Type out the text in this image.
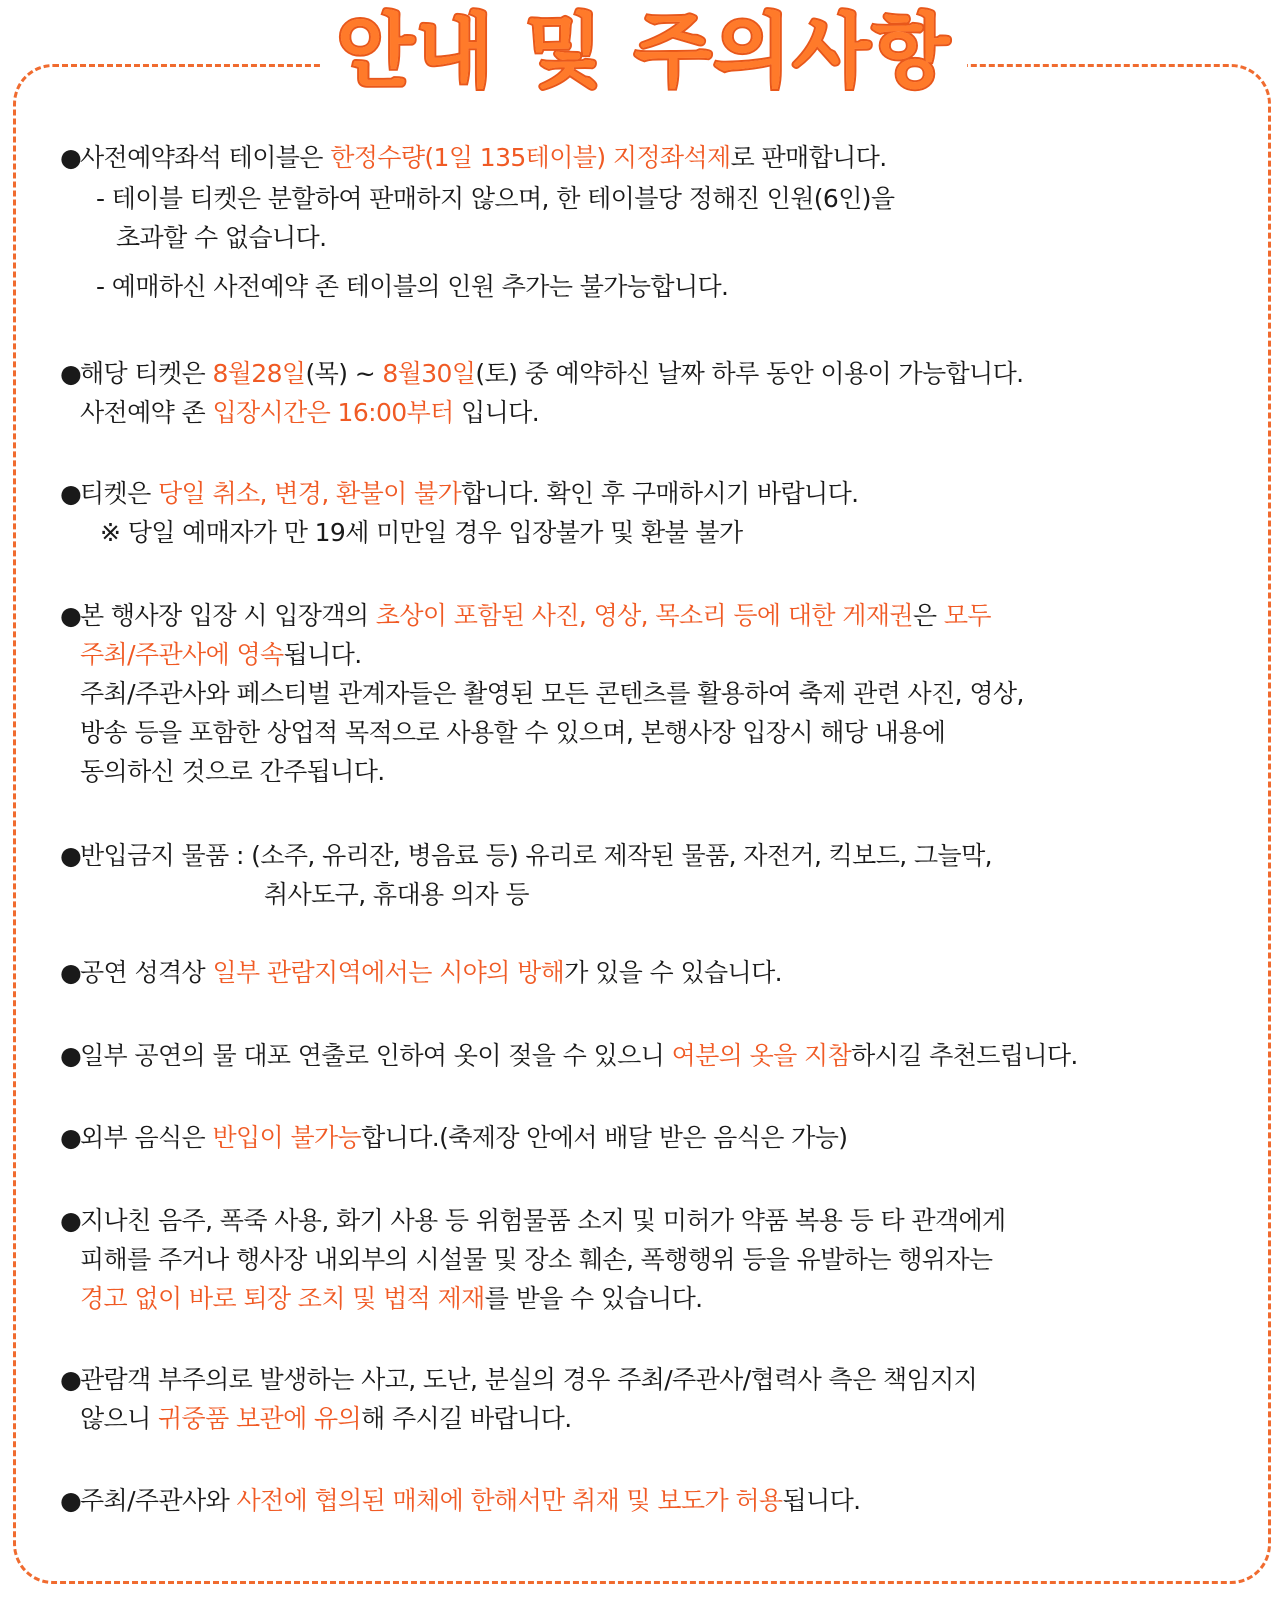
안내 및 주의사항
●
사전예약좌석 테이블은 한정수량(1일 135테이블) 지정좌석제로 판매합니다.
- 테이블 티켓은 분할하여 판매하지 않으며, 한 테이블당 정해진 인원(6인)을
초과할 수 없습니다.
- 예매하신 사전예약 존 테이블의 인원 추가는 불가능합니다.
●
해당 티켓은 8월28일(목) ~ 8월30일(토) 중 예약하신 날짜 하루 동안 이용이 가능합니다.
사전예약 존 입장시간은 16:00부터 입니다.
●
티켓은 당일 취소, 변경, 환불이 불가합니다. 확인 후 구매하시기 바랍니다.
※ 당일 예매자가 만 19세 미만일 경우 입장불가 및 환불 불가
●
본 행사장 입장 시 입장객의 초상이 포함된 사진, 영상, 목소리 등에 대한 게재권은 모두
주최/주관사에 영속됩니다.
주최/주관사와 페스티벌 관계자들은 촬영된 모든 콘텐츠를 활용하여 축제 관련 사진, 영상,
방송 등을 포함한 상업적 목적으로 사용할 수 있으며, 본행사장 입장시 해당 내용에
동의하신 것으로 간주됩니다.
●
반입금지 물품 : (소주, 유리잔, 병음료 등) 유리로 제작된 물품, 자전거, 킥보드, 그늘막,
취사도구, 휴대용 의자 등
●
공연 성격상 일부 관람지역에서는 시야의 방해가 있을 수 있습니다.
●
일부 공연의 물 대포 연출로 인하여 옷이 젖을 수 있으니 여분의 옷을 지참하시길 추천드립니다.
●
외부 음식은 반입이 불가능합니다.(축제장 안에서 배달 받은 음식은 가능)
●
지나친 음주, 폭죽 사용, 화기 사용 등 위험물품 소지 및 미허가 약품 복용 등 타 관객에게
피해를 주거나 행사장 내외부의 시설물 및 장소 훼손, 폭행행위 등을 유발하는 행위자는
경고 없이 바로 퇴장 조치 및 법적 제재를 받을 수 있습니다.
●
관람객 부주의로 발생하는 사고, 도난, 분실의 경우 주최/주관사/협력사 측은 책임지지
않으니 귀중품 보관에 유의해 주시길 바랍니다.
●
주최/주관사와 사전에 협의된 매체에 한해서만 취재 및 보도가 허용됩니다.
